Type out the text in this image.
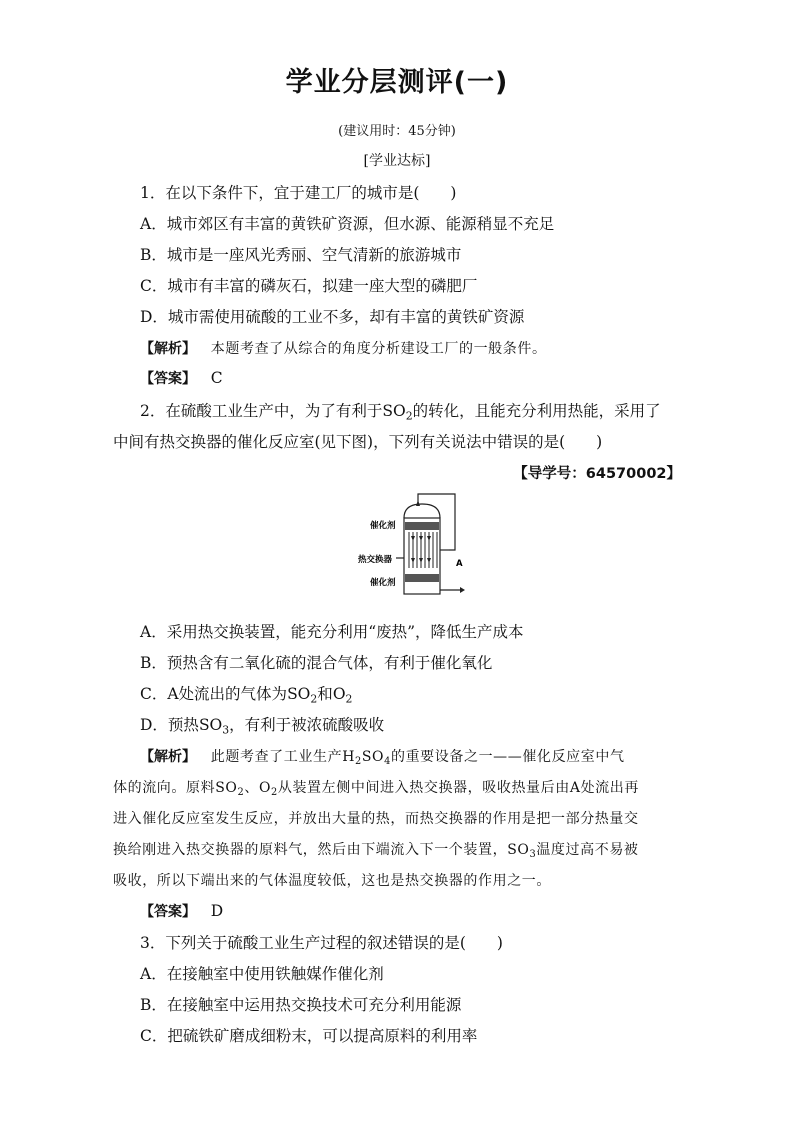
学业分层测评(一)
(建议用时：45分钟)
[学业达标]
1．在以下条件下，宜于建工厂的城市是(　　)
A．城市郊区有丰富的黄铁矿资源，但水源、能源稍显不充足
B．城市是一座风光秀丽、空气清新的旅游城市
C．城市有丰富的磷灰石，拟建一座大型的磷肥厂
D．城市需使用硫酸的工业不多，却有丰富的黄铁矿资源
【解析】 本题考查了从综合的角度分析建设工厂的一般条件。
【答案】 C
2．在硫酸工业生产中，为了有利于$SO_2$的转化，且能充分利用热能，采用了
中间有热交换器的催化反应室(见下图)，下列有关说法中错误的是(　　)
【导学号：64570002】
催化剂
热交换器
催化剂
A
A．采用热交换装置，能充分利用“废热”，降低生产成本
B．预热含有二氧化硫的混合气体，有利于催化氧化
C．A处流出的气体为$SO_2$和$O_2$
D．预热$SO_3$，有利于被浓硫酸吸收
【解析】 此题考查了工业生产$H_2SO_4$的重要设备之一——催化反应室中气
体的流向。原料$SO_2$、$O_2$从装置左侧中间进入热交换器，吸收热量后由A处流出再
进入催化反应室发生反应，并放出大量的热，而热交换器的作用是把一部分热量交
换给刚进入热交换器的原料气，然后由下端流入下一个装置，$SO_3$温度过高不易被
吸收，所以下端出来的气体温度较低，这也是热交换器的作用之一。
【答案】 D
3．下列关于硫酸工业生产过程的叙述错误的是(　　)
A．在接触室中使用铁触媒作催化剂
B．在接触室中运用热交换技术可充分利用能源
C．把硫铁矿磨成细粉末，可以提高原料的利用率
